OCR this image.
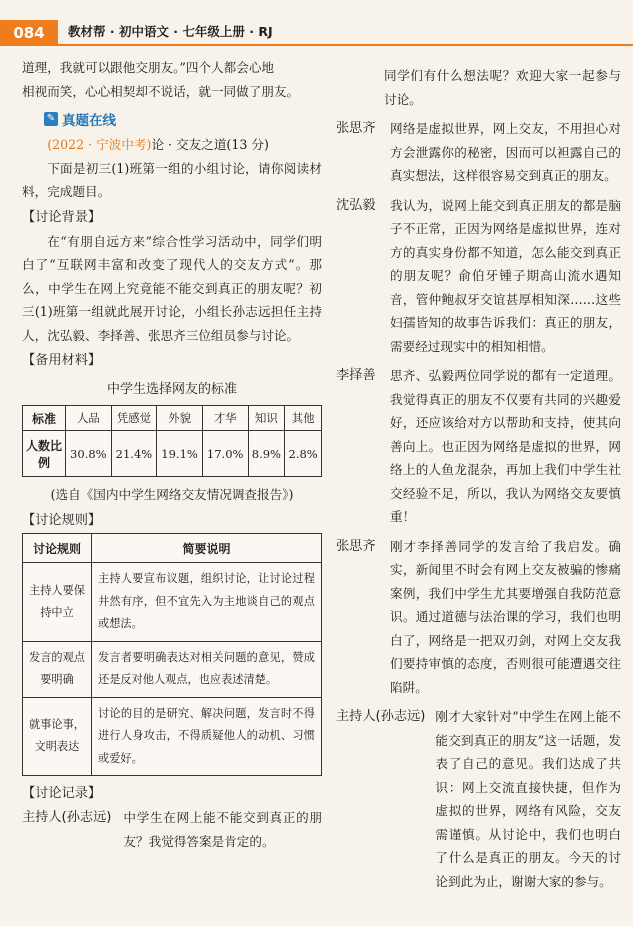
084	教材帮 · 初中语文 · 七年级上册 · RJ

道理，我就可以跟他交朋友。”四个人都会心地

相视而笑，心心相契却不说话，就一同做了朋友。

✎ 真题在线

(2022 · 宁波中考)论 · 交友之道(13 分)

下面是初三(1)班第一组的小组讨论，请你阅读材料，完成题目。

【讨论背景】

在“有朋自远方来”综合性学习活动中，同学们明白了“互联网丰富和改变了现代人的交友方式”。那么，中学生在网上究竟能不能交到真正的朋友呢？初三(1)班第一组就此展开讨论，小组长孙志远担任主持人，沈弘毅、李择善、张思齐三位组员参与讨论。

【备用材料】

中学生选择网友的标准
标准	人品	凭感觉	外貌	才华	知识	其他
人数比例	30.8%	21.4%	19.1%	17.0%	8.9%	2.8%
(选自《国内中学生网络交友情况调查报告》)

【讨论规则】

讨论规则	简要说明
主持人要保持中立	主持人要宣布议题，组织讨论，让讨论过程井然有序，但不宜先入为主地谈自己的观点或想法。
发言的观点要明确	发言者要明确表达对相关问题的意见，赞成还是反对他人观点，也应表述清楚。
就事论事，文明表达	讨论的目的是研究、解决问题，发言时不得进行人身攻击，不得质疑他人的动机、习惯或爱好。

【讨论记录】

主持人(孙志远) 中学生在网上能不能交到真正的朋友？我觉得答案是肯定的。

同学们有什么想法呢？欢迎大家一起参与讨论。

张思齐	网络是虚拟世界，网上交友，不用担心对方会泄露你的秘密，因而可以袒露自己的真实想法，这样很容易交到真正的朋友。
沈弘毅	我认为，说网上能交到真正朋友的都是脑子不正常，正因为网络是虚拟世界，连对方的真实身份都不知道，怎么能交到真正的朋友呢？俞伯牙锺子期高山流水遇知音，管仲鲍叔牙交谊甚厚相知深……这些妇孺皆知的故事告诉我们：真正的朋友，需要经过现实中的相知相惜。
李择善	思齐、弘毅两位同学说的都有一定道理。我觉得真正的朋友不仅要有共同的兴趣爱好，还应该给对方以帮助和支持，使其向善向上。也正因为网络是虚拟的世界，网络上的人鱼龙混杂，再加上我们中学生社交经验不足，所以，我认为网络交友要慎重！
张思齐	刚才李择善同学的发言给了我启发。确实，新闻里不时会有网上交友被骗的惨痛案例，我们中学生尤其要增强自我防范意识。通过道德与法治课的学习，我们也明白了，网络是一把双刃剑，对网上交友我们要持审慎的态度，否则很可能遭遇交往陷阱。
主持人(孙志远) 刚才大家针对“中学生在网上能不能交到真正的朋友”这一话题，发表了自己的意见。我们达成了共识：网上交流直接快捷，但作为虚拟的世界，网络有风险，交友需谨慎。从讨论中，我们也明白了什么是真正的朋友。今天的讨论到此为止，谢谢大家的参与。
